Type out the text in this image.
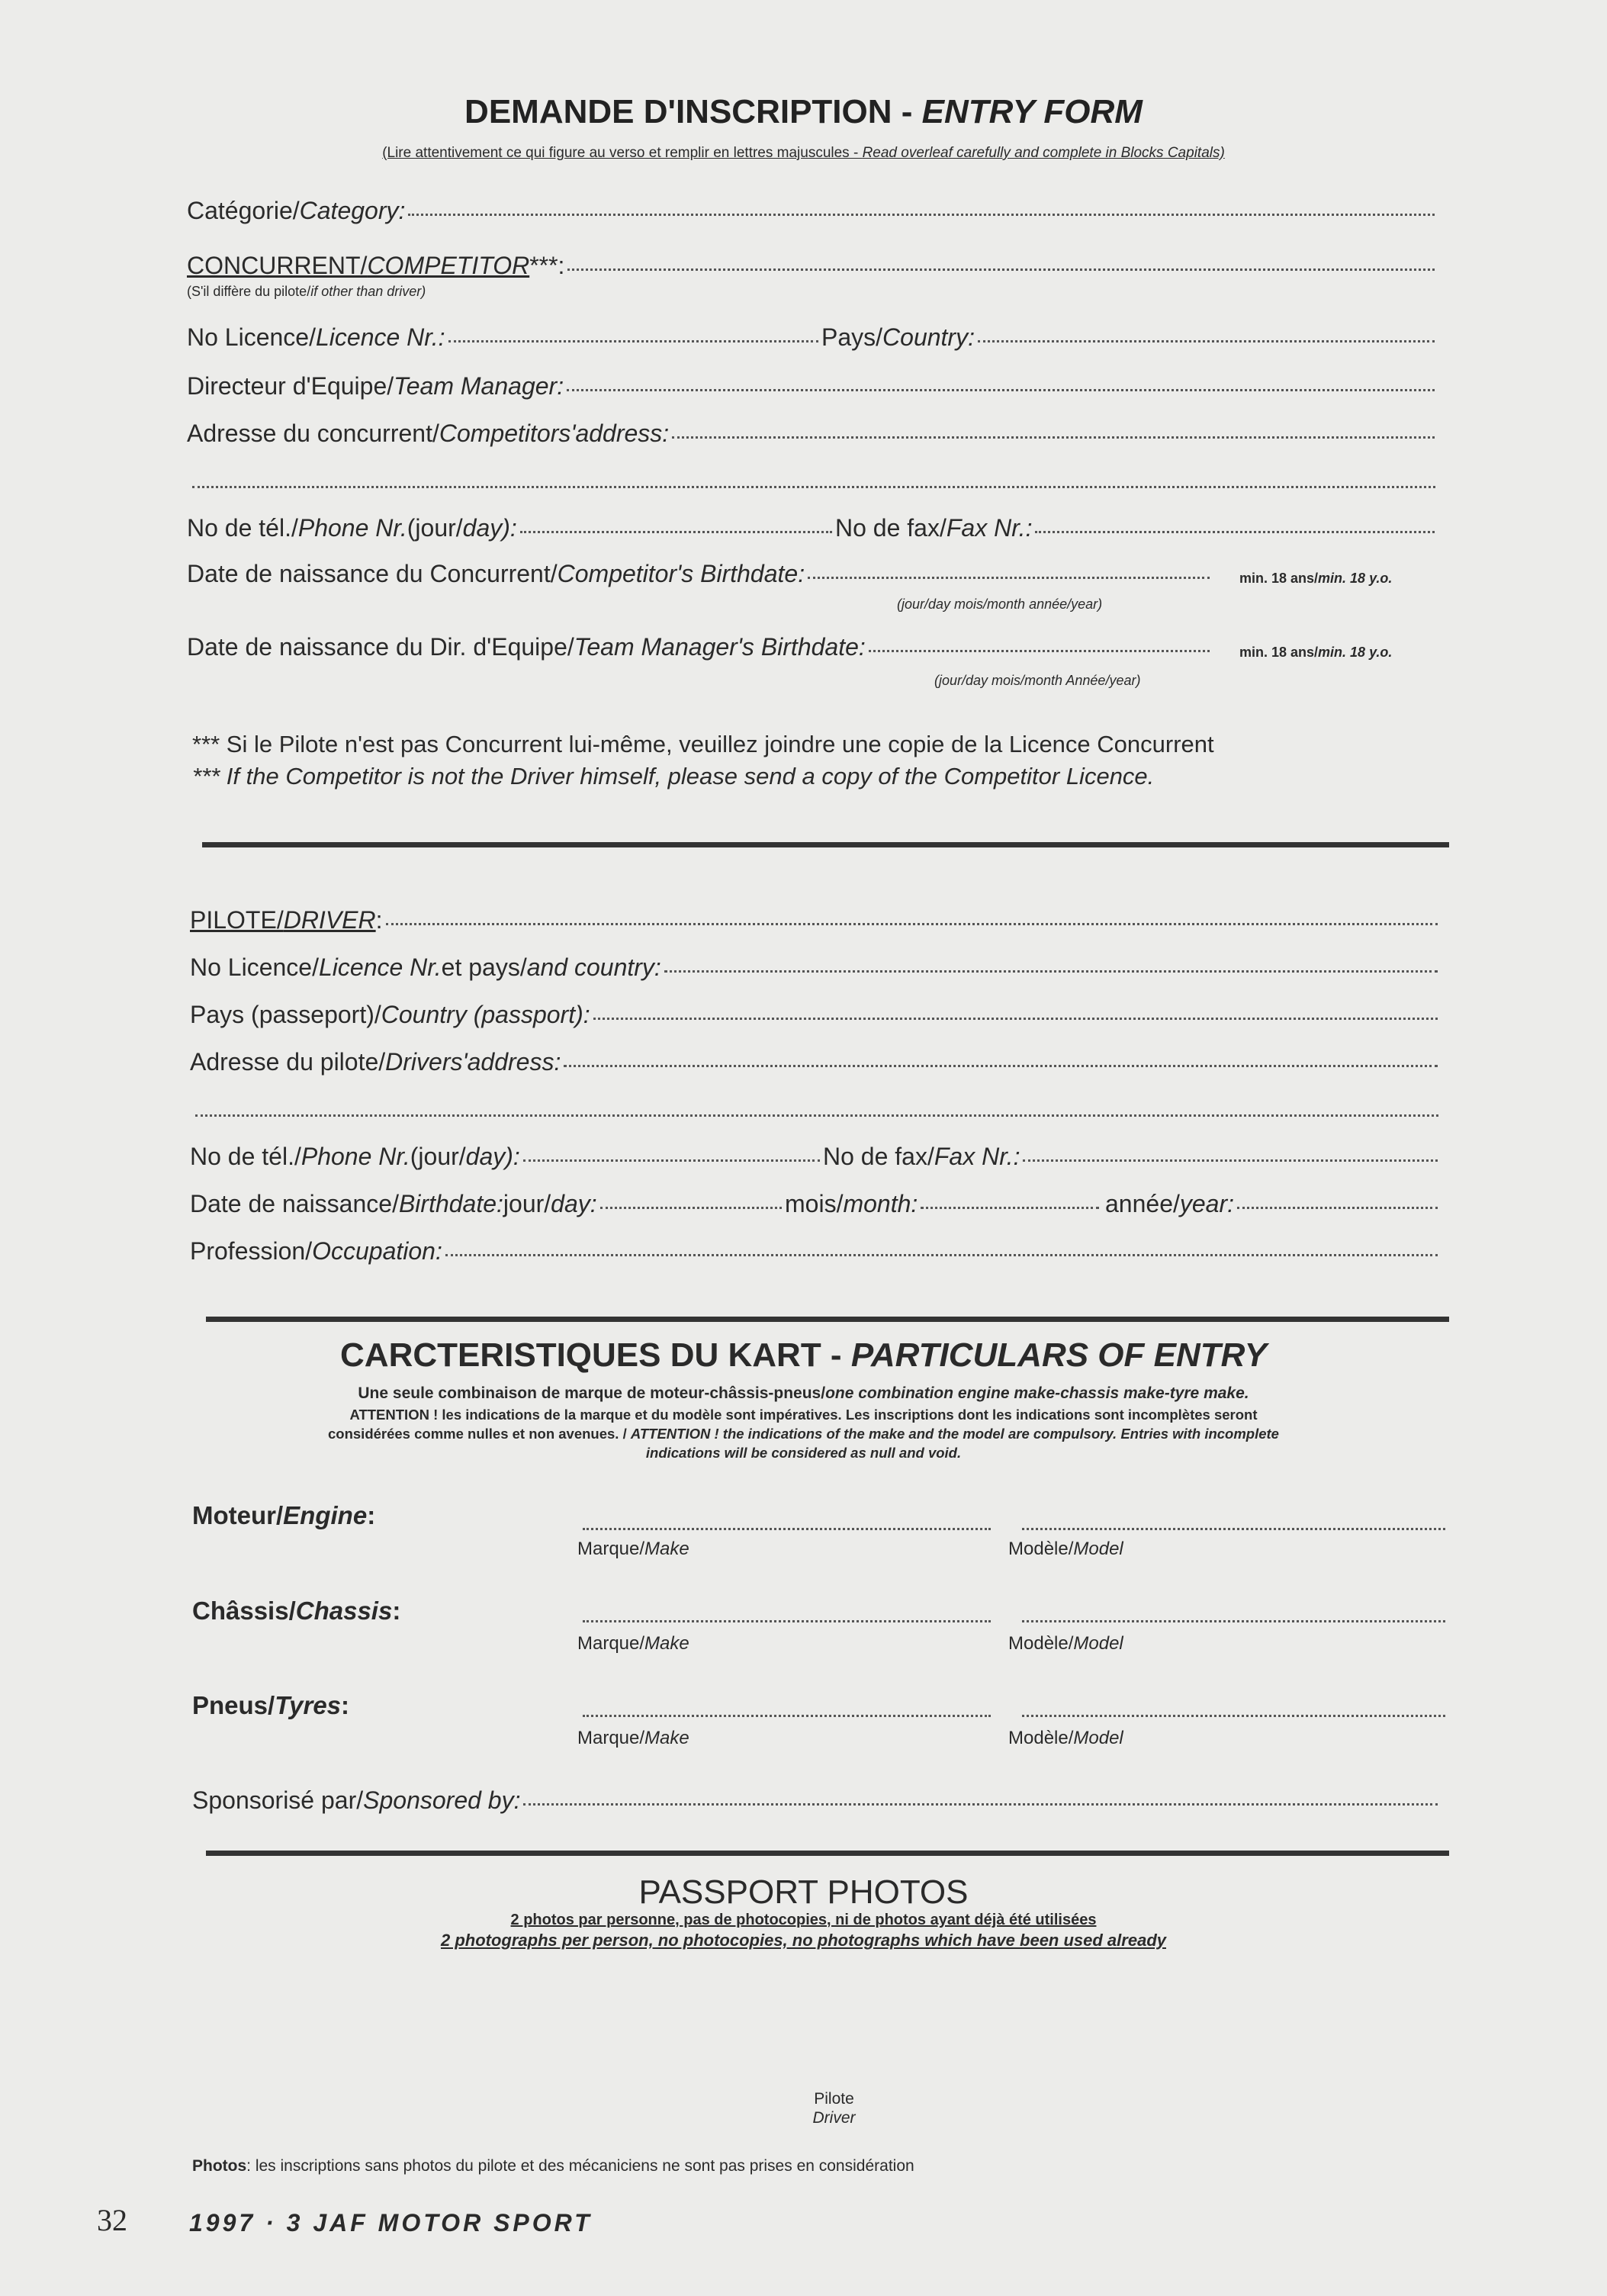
DEMANDE D'INSCRIPTION - ENTRY FORM
(Lire attentivement ce qui figure au verso et remplir en lettres majuscules - Read overleaf carefully and complete in Blocks Capitals)
Catégorie/ Category:
CONCURRENT/COMPETITOR ***:
(S'il diffère du pilote/if other than driver)
No Licence/ Licence Nr.:	Pays/ Country:
Directeur d'Equipe/ Team Manager:
Adresse du concurrent/ Competitors'address:
No de tél./ Phone Nr. (jour/ day):	No de fax/ Fax Nr.:
Date de naissance du Concurrent/ Competitor's Birthdate:	min. 18 ans/min. 18 y.o.
(jour/day mois/month année/year)
Date de naissance du Dir. d'Equipe/ Team Manager's Birthdate:	min. 18 ans/min. 18 y.o.
(jour/day mois/month Année/year)
*** Si le Pilote n'est pas Concurrent lui-même, veuillez joindre une copie de la Licence Concurrent
*** If the Competitor is not the Driver himself, please send a copy of the Competitor Licence.
PILOTE/DRIVER :
No Licence/ Licence Nr. et pays/ and country:
Pays (passeport)/ Country (passport):
Adresse du pilote/ Drivers'address:
No de tél./ Phone Nr. (jour/ day):	No de fax/ Fax Nr.:
Date de naissance/ Birthdate: jour/ day:	mois/ month:	année/ year:
Profession/ Occupation:
CARCTERISTIQUES DU KART - PARTICULARS OF ENTRY
Une seule combinaison de marque de moteur-châssis-pneus/one combination engine make-chassis make-tyre make.
ATTENTION ! les indications de la marque et du modèle sont impératives. Les inscriptions dont les indications sont incomplètes seront
considérées comme nulles et non avenues. / ATTENTION ! the indications of the make and the model are compulsory. Entries with incomplete
indications will be considered as null and void.
Moteur/Engine:
Marque/Make	Modèle/Model
Châssis/Chassis:
Marque/Make	Modèle/Model
Pneus/Tyres:
Marque/Make	Modèle/Model
Sponsorisé par/ Sponsored by:
PASSPORT PHOTOS
2 photos par personne, pas de photocopies, ni de photos ayant déjà été utilisées
2 photographs per person, no photocopies, no photographs which have been used already
Pilote
Driver
Photos: les inscriptions sans photos du pilote et des mécaniciens ne sont pas prises en considération
32	1997 · 3 JAF MOTOR SPORT
